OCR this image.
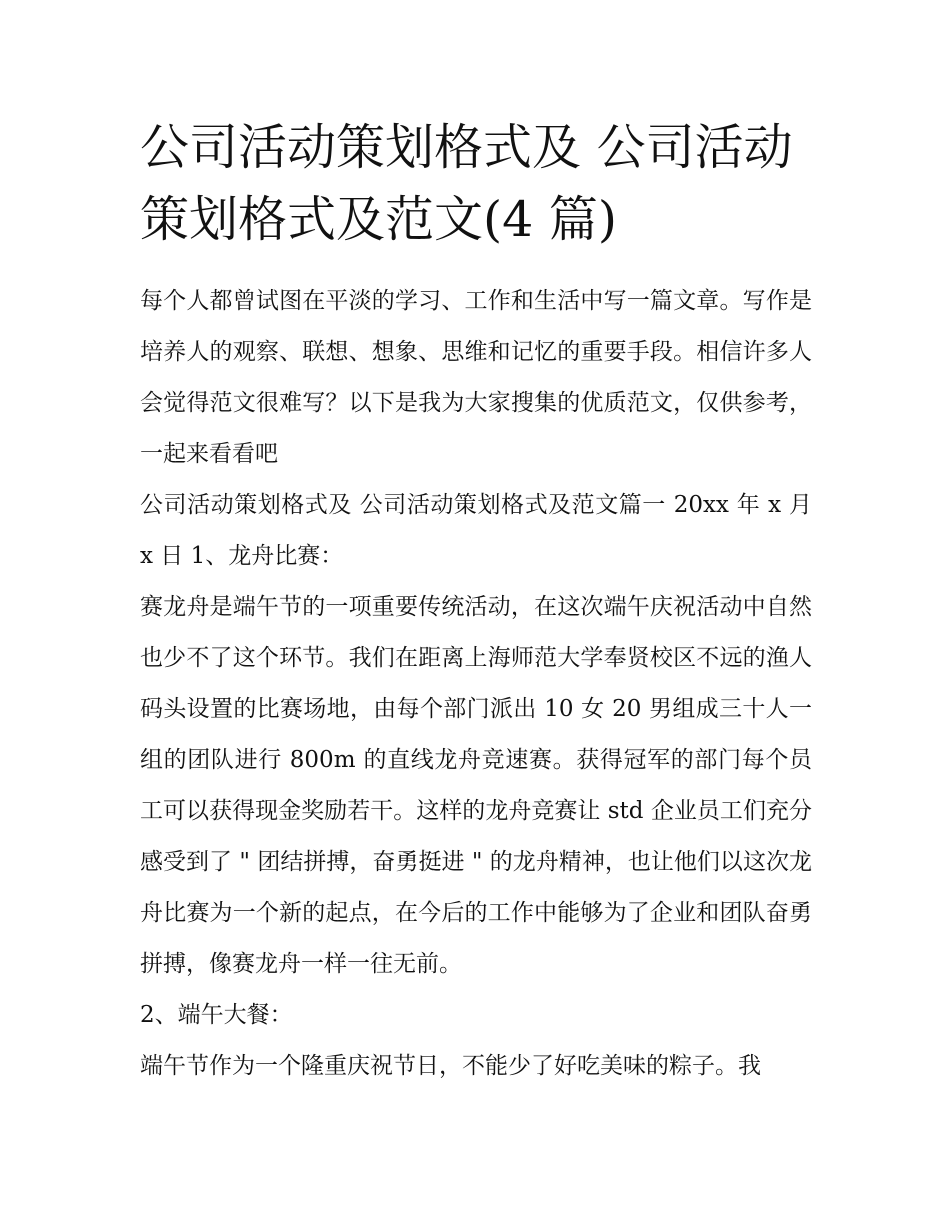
公司活动策划格式及 公司活动策划格式及范文(4 篇)

每个人都曾试图在平淡的学习、工作和生活中写一篇文章。写作是培养人的观察、联想、想象、思维和记忆的重要手段。相信许多人会觉得范文很难写？以下是我为大家搜集的优质范文，仅供参考，一起来看看吧

公司活动策划格式及 公司活动策划格式及范文篇一 20xx 年 x 月 x 日 1、龙舟比赛：

赛龙舟是端午节的一项重要传统活动，在这次端午庆祝活动中自然也少不了这个环节。我们在距离上海师范大学奉贤校区不远的渔人码头设置的比赛场地，由每个部门派出 10 女 20 男组成三十人一组的团队进行 800m 的直线龙舟竞速赛。获得冠军的部门每个员工可以获得现金奖励若干。这样的龙舟竞赛让 std 企业员工们充分感受到了 " 团结拼搏，奋勇挺进 " 的龙舟精神，也让他们以这次龙舟比赛为一个新的起点，在今后的工作中能够为了企业和团队奋勇拼搏，像赛龙舟一样一往无前。

2、端午大餐：

端午节作为一个隆重庆祝节日，不能少了好吃美味的粽子。我
